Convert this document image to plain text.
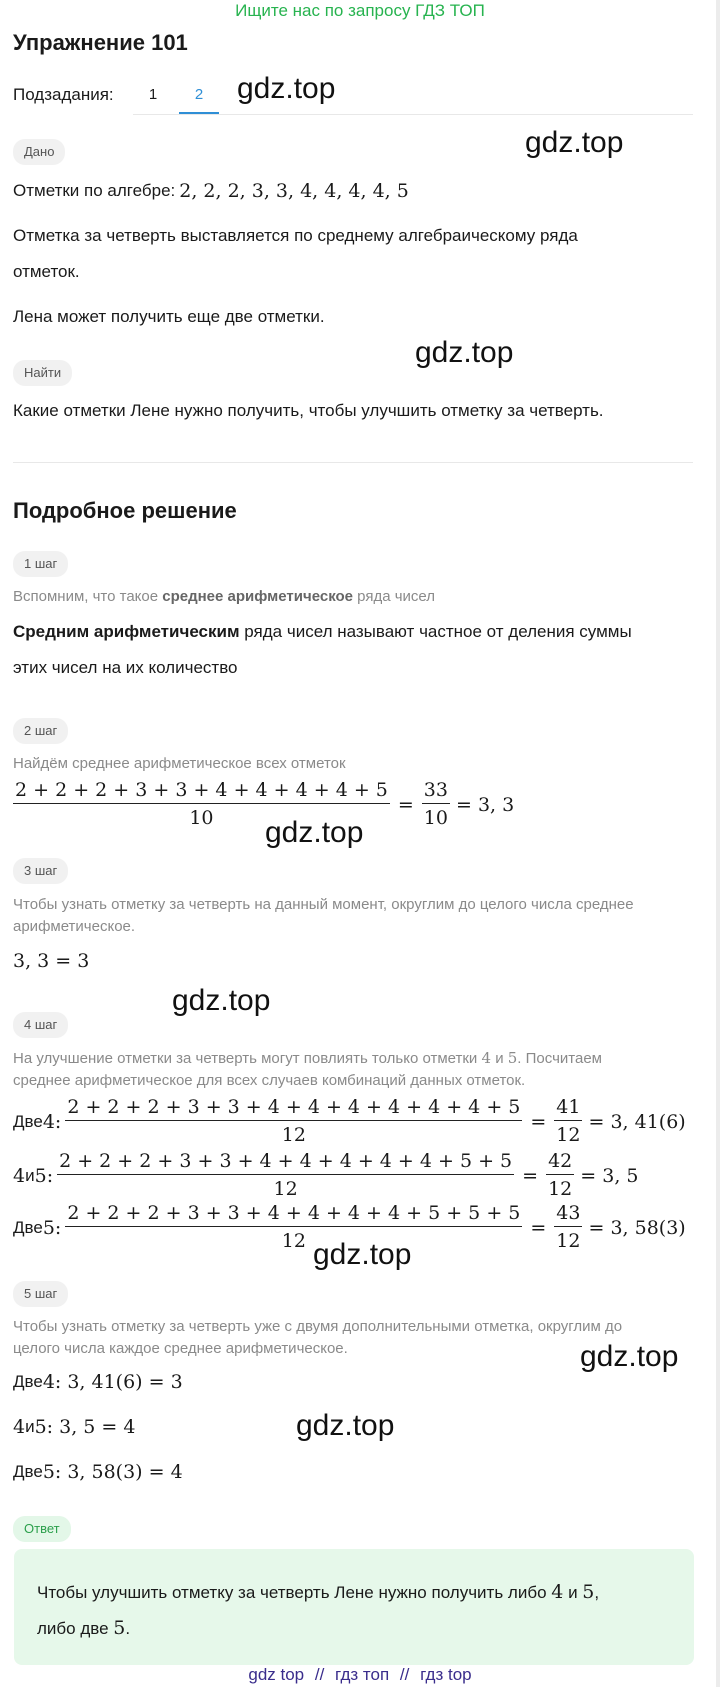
Ищите нас по запросу ГДЗ ТОП
Упражнение 101
Подзадания:	1	2	gdz.top
gdz.top
Дано
Отметки по алгебре: 2, 2, 2, 3, 3, 4, 4, 4, 4, 5
Отметка за четверть выставляется по среднему алгебраическому ряда
отметок.
Лена может получить еще две отметки.
gdz.top
Найти
Какие отметки Лене нужно получить, чтобы улучшить отметку за четверть.
Подробное решение
1 шаг
Вспомним, что такое среднее арифметическое ряда чисел
Средним арифметическим ряда чисел называют частное от деления суммы
этих чисел на их количество
2 шаг
Найдём среднее арифметическое всех отметок
$\frac{2 + 2 + 2 + 3 + 3 + 4 + 4 + 4 + 4 + 5}{10} = \frac{33}{10} = 3$, 3
gdz.top
3 шаг
Чтобы узнать отметку за четверть на данный момент, округлим до целого числа среднее
арифметическое.
3, 3 = 3
gdz.top
4 шаг
На улучшение отметки за четверть могут повлиять только отметки 4 и 5. Посчитаем
среднее арифметическое для всех случаев комбинаций данных отметок.
Две 4 : $\frac{2 + 2 + 2 + 3 + 3 + 4 + 4 + 4 + 4 + 4 + 4 + 5}{12} = \frac{41}{12} = 3$, 41(6)
4 и 5 : $\frac{2 + 2 + 2 + 3 + 3 + 4 + 4 + 4 + 4 + 4 + 5 + 5}{12} = \frac{42}{12} = 3$, 5
Две 5 : $\frac{2 + 2 + 2 + 3 + 3 + 4 + 4 + 4 + 4 + 5 + 5 + 5}{12} = \frac{43}{12} = 3$, 58(3)
gdz.top
5 шаг
Чтобы узнать отметку за четверть уже с двумя дополнительными отметка, округлим до
целого числа каждое среднее арифметическое.	gdz.top
Две 4: 3, 41(6) = 3
4 и 5: 3, 5 = 4	gdz.top
Две 5: 3, 58(3) = 4
Ответ
Чтобы улучшить отметку за четверть Лене нужно получить либо 4 и 5,
либо две 5.
gdz top // гдз топ // гдз top
